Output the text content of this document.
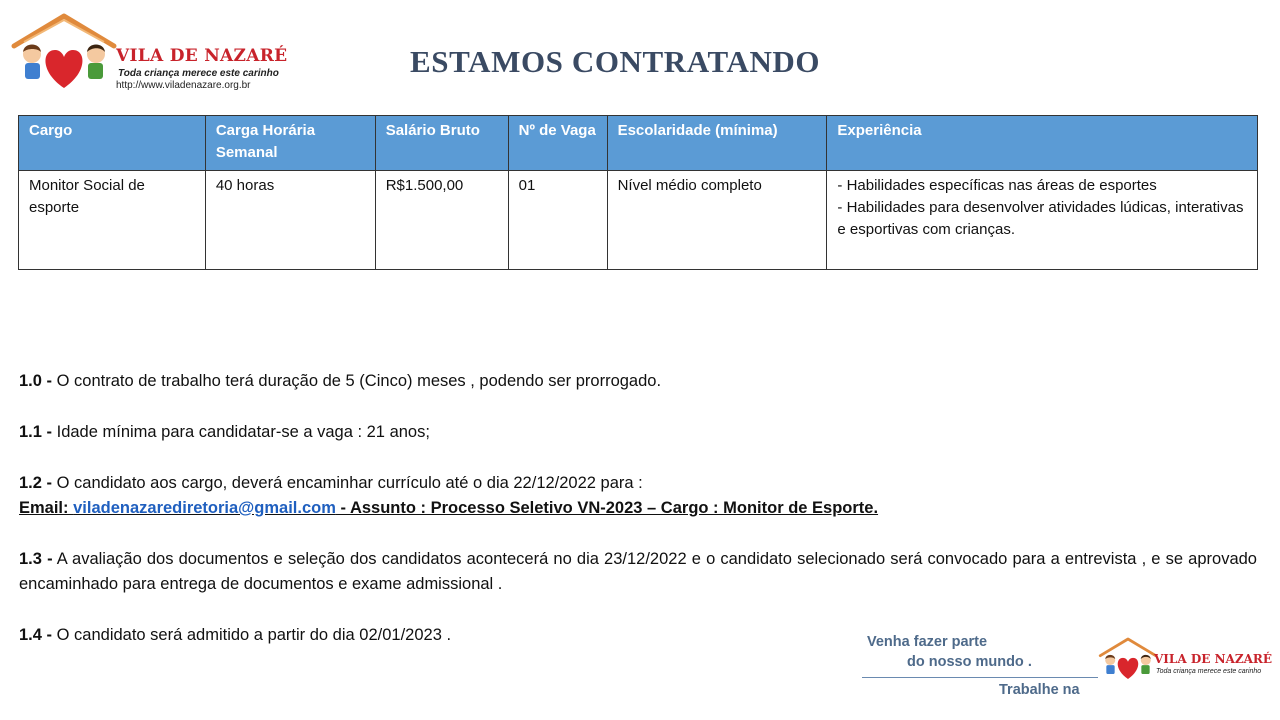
VILA DE NAZARÉ
Toda criança merece este carinho
http://www.viladenazare.org.br
ESTAMOS CONTRATANDO
Cargo	Carga Horária Semanal	Salário Bruto	Nº de Vaga	Escolaridade (mínima)	Experiência
Monitor Social de esporte	40 horas	R$1.500,00	01	Nível médio completo	- Habilidades específicas nas áreas de esportes
- Habilidades para desenvolver atividades lúdicas, interativas e esportivas com crianças.

1.0 - O contrato de trabalho terá duração de 5 (Cinco) meses , podendo ser prorrogado.

1.1 - Idade mínima para candidatar-se a vaga : 21 anos;

1.2 - O candidato aos cargo, deverá encaminhar currículo até o dia 22/12/2022 para :
Email: viladenazarediretoria@gmail.com - Assunto : Processo Seletivo VN-2023 – Cargo : Monitor de Esporte.

1.3 - A avaliação dos documentos e seleção dos candidatos acontecerá no dia 23/12/2022 e o candidato selecionado será convocado para a entrevista , e se aprovado encaminhado para entrega de documentos e exame admissional .

1.4 - O candidato será admitido a partir do dia 02/01/2023 .	Venha fazer parte
do nosso mundo .
Trabalhe na
VILA DE NAZARÉ
Toda criança merece este carinho
